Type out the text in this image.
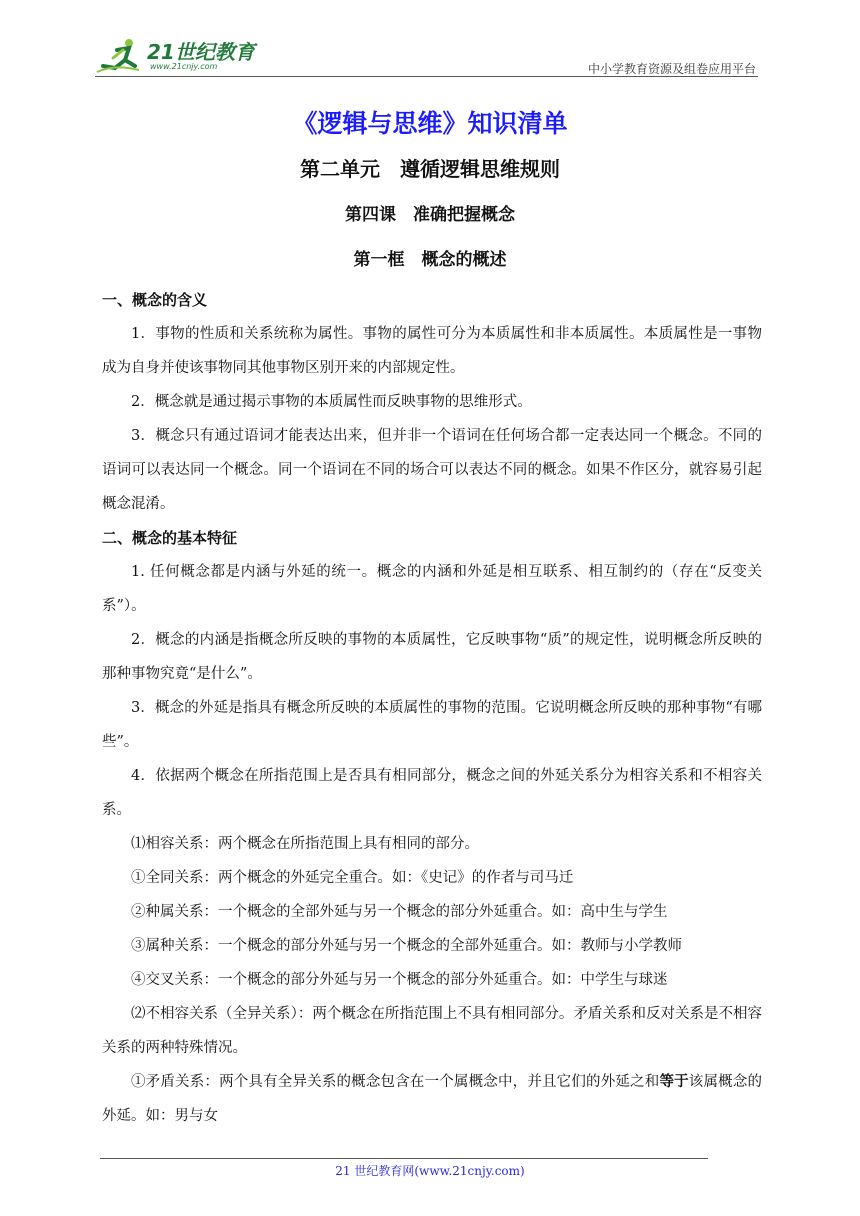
21世纪教育
www.21cnjy.com	中小学教育资源及组卷应用平台
《逻辑与思维》知识清单
第二单元　遵循逻辑思维规则
第四课　准确把握概念
第一框　概念的概述

一、概念的含义

1．事物的性质和关系统称为属性。事物的属性可分为本质属性和非本质属性。本质属性是一事物成为自身并使该事物同其他事物区别开来的内部规定性。

2．概念就是通过揭示事物的本质属性而反映事物的思维形式。

3．概念只有通过语词才能表达出来，但并非一个语词在任何场合都一定表达同一个概念。不同的语词可以表达同一个概念。同一个语词在不同的场合可以表达不同的概念。如果不作区分，就容易引起概念混淆。

二、概念的基本特征

1. 任何概念都是内涵与外延的统一。概念的内涵和外延是相互联系、相互制约的（存在“反变关系”）。

2．概念的内涵是指概念所反映的事物的本质属性，它反映事物“质”的规定性，说明概念所反映的那种事物究竟“是什么”。

3．概念的外延是指具有概念所反映的本质属性的事物的范围。它说明概念所反映的那种事物“有哪些”。

4．依据两个概念在所指范围上是否具有相同部分，概念之间的外延关系分为相容关系和不相容关系。

⑴相容关系：两个概念在所指范围上具有相同的部分。

①全同关系：两个概念的外延完全重合。如：《史记》的作者与司马迁

②种属关系：一个概念的全部外延与另一个概念的部分外延重合。如：高中生与学生

③属种关系：一个概念的部分外延与另一个概念的全部外延重合。如：教师与小学教师

④交叉关系：一个概念的部分外延与另一个概念的部分外延重合。如：中学生与球迷

⑵不相容关系（全异关系）：两个概念在所指范围上不具有相同部分。矛盾关系和反对关系是不相容关系的两种特殊情况。

①矛盾关系：两个具有全异关系的概念包含在一个属概念中，并且它们的外延之和等于该属概念的外延。如：男与女

21 世纪教育网(www.21cnjy.com)
